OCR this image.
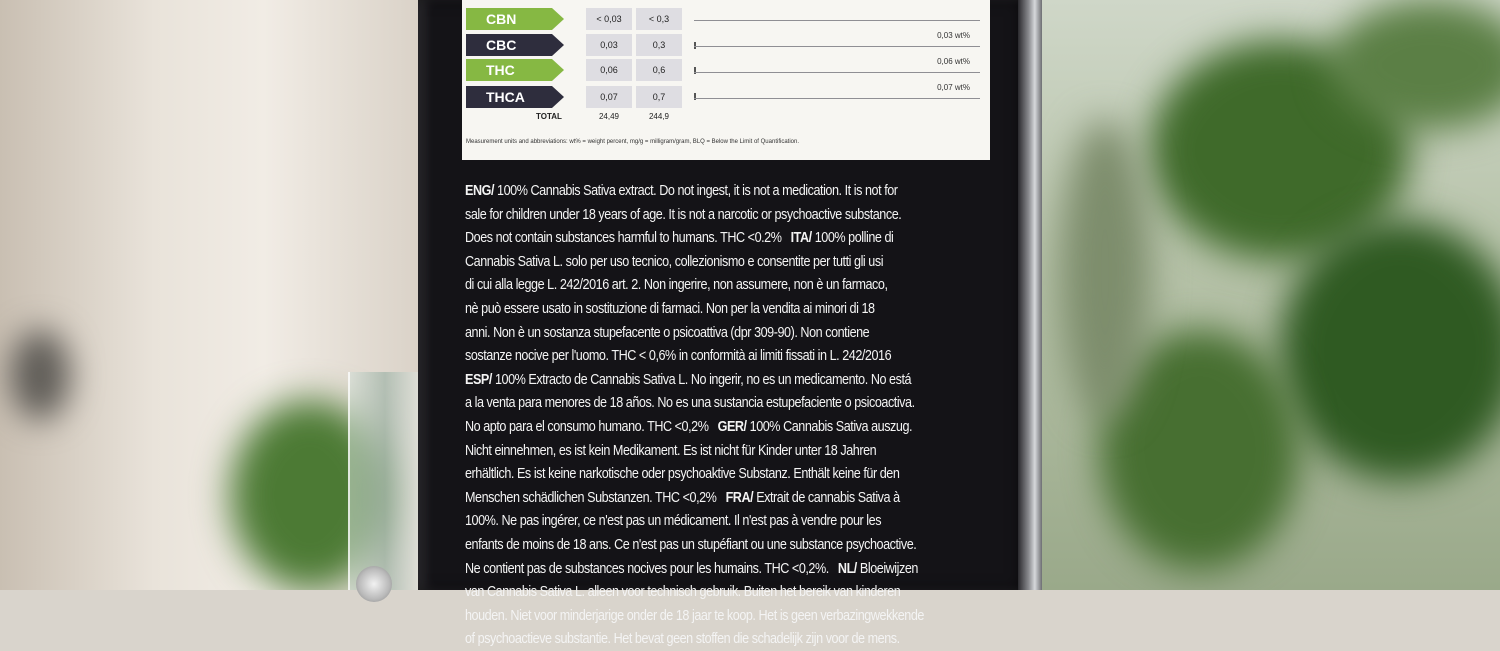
CBN	< 0,03	< 0,3
CBC	0,03	0,3
THC	0,06	0,6
THCA	0,07	0,7
TOTAL	24,49	244,9
0,03 wt%
0,06 wt%
0,07 wt%
Measurement units and abbreviations: wt% = weight percent, mg/g = milligram/gram, BLQ = Below the Limit of Quantification.
ENG/ 100% Cannabis Sativa extract. Do not ingest, it is not a medication. It is not for
sale for children under 18 years of age. It is not a narcotic or psychoactive substance.
Does not contain substances harmful to humans. THC <0.2%   ITA/ 100% polline di
Cannabis Sativa L. solo per uso tecnico, collezionismo e consentite per tutti gli usi
di cui alla legge L. 242/2016 art. 2. Non ingerire, non assumere, non è un farmaco,
nè può essere usato in sostituzione di farmaci. Non per la vendita ai minori di 18
anni. Non è un sostanza stupefacente o psicoattiva (dpr 309-90). Non contiene
sostanze nocive per l'uomo. THC < 0,6% in conformità ai limiti fissati in L. 242/2016
ESP/ 100% Extracto de Cannabis Sativa L. No ingerir, no es un medicamento. No está
a la venta para menores de 18 años. No es una sustancia estupefaciente o psicoactiva.
No apto para el consumo humano. THC <0,2%   GER/ 100% Cannabis Sativa auszug.
Nicht einnehmen, es ist kein Medikament. Es ist nicht für Kinder unter 18 Jahren
erhältlich. Es ist keine narkotische oder psychoaktive Substanz. Enthält keine für den
Menschen schädlichen Substanzen. THC <0,2%   FRA/ Extrait de cannabis Sativa à
100%. Ne pas ingérer, ce n'est pas un médicament. Il n'est pas à vendre pour les
enfants de moins de 18 ans. Ce n'est pas un stupéfiant ou une substance psychoactive.
Ne contient pas de substances nocives pour les humains. THC <0,2%.   NL/ Bloeiwijzen
van Cannabis Sativa L. alleen voor technisch gebruik. Buiten het bereik van kinderen
houden. Niet voor minderjarige onder de 18 jaar te koop. Het is geen verbazingwekkende
of psychoactieve substantie. Het bevat geen stoffen die schadelijk zijn voor de mens.
